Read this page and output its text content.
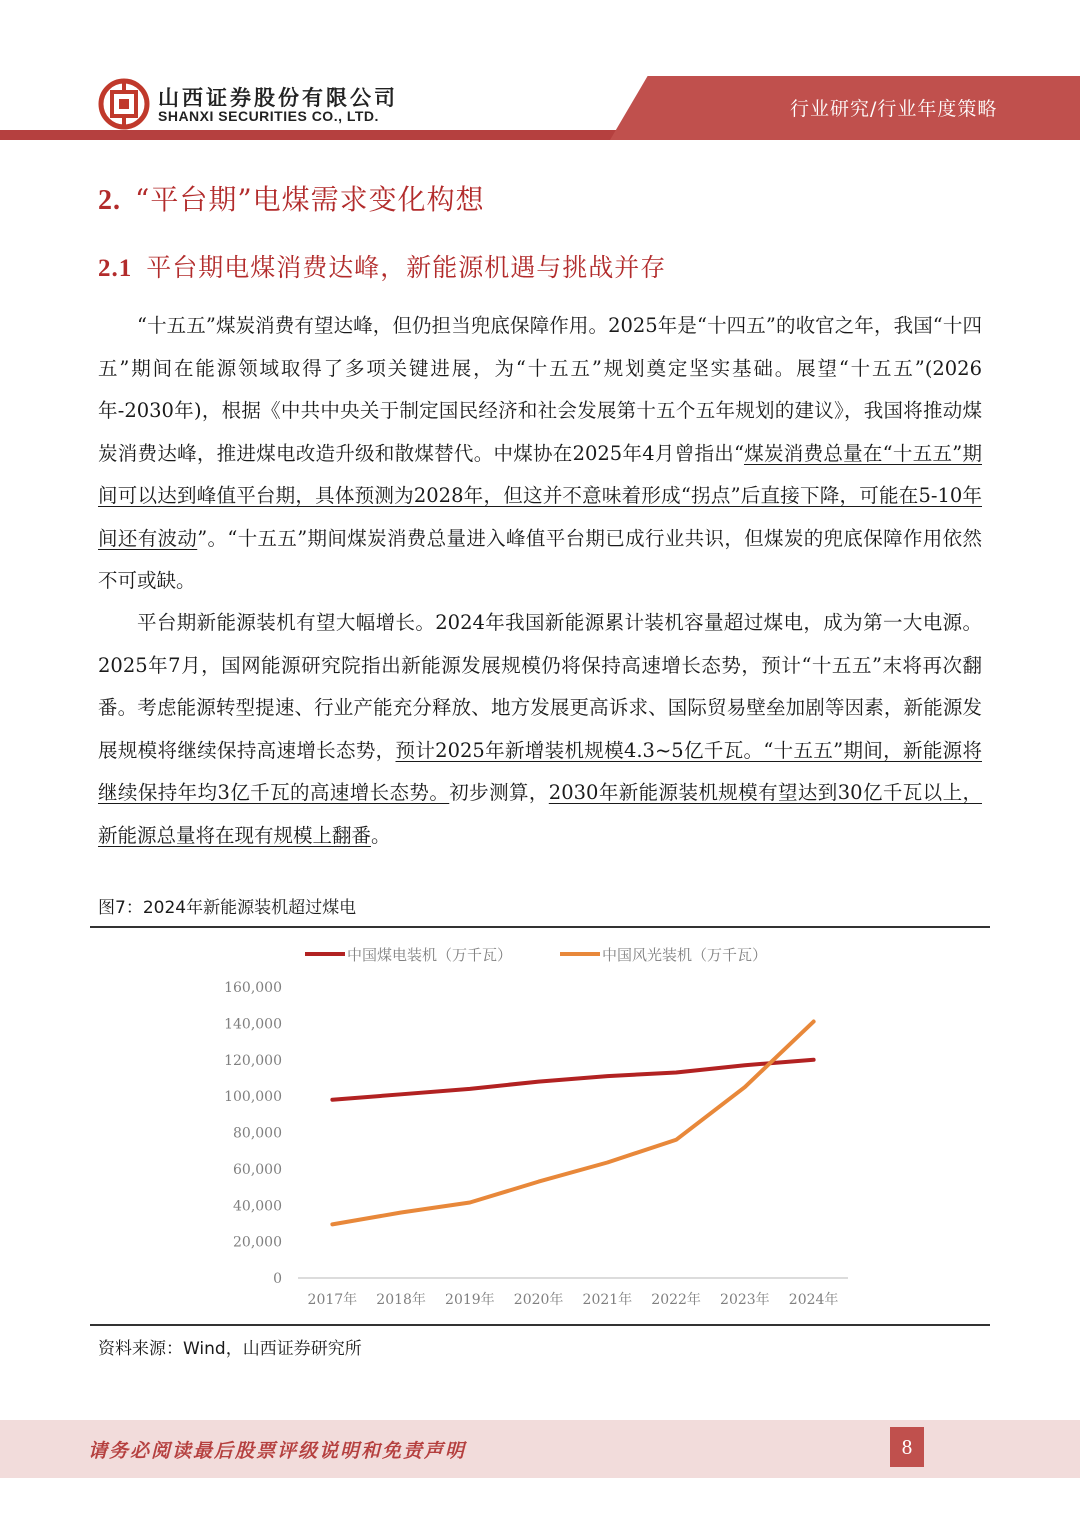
行业研究/行业年度策略
山西证券股份有限公司
SHANXI SECURITIES CO., LTD.
2. “平台期”电煤需求变化构想
2.1 平台期电煤消费达峰，新能源机遇与挑战并存
“十五五”煤炭消费有望达峰，但仍担当兜底保障作用。2025年是“十四五”的收官之年，我国“十四五”期间在能源领域取得了多项关键进展，为“十五五”规划奠定坚实基础。展望“十五五”(2026年-2030年)，根据《中共中央关于制定国民经济和社会发展第十五个五年规划的建议》，我国将推动煤炭消费达峰，推进煤电改造升级和散煤替代。中煤协在2025年4月曾指出“煤炭消费总量在“十五五”期间可以达到峰值平台期，具体预测为2028年，但这并不意味着形成“拐点”后直接下降，可能在5-10年间还有波动”。“十五五”期间煤炭消费总量进入峰值平台期已成行业共识，但煤炭的兜底保障作用依然不可或缺。
平台期新能源装机有望大幅增长。2024年我国新能源累计装机容量超过煤电，成为第一大电源。2025年7月，国网能源研究院指出新能源发展规模仍将保持高速增长态势，预计“十五五”末将再次翻番。考虑能源转型提速、行业产能充分释放、地方发展更高诉求、国际贸易壁垒加剧等因素，新能源发展规模将继续保持高速增长态势，预计2025年新增装机规模4.3~5亿千瓦。“十五五”期间，新能源将继续保持年均3亿千瓦的高速增长态势。初步测算，2030年新能源装机规模有望达到30亿千瓦以上，新能源总量将在现有规模上翻番。
图7：2024年新能源装机超过煤电
0
20,000
40,000
60,000
80,000
100,000
120,000
140,000
160,000
2017年 2018年 2019年 2020年 2021年 2022年 2023年 2024年
中国煤电装机（万千瓦）	中国风光装机（万千瓦）
资料来源：Wind，山西证券研究所
请务必阅读最后股票评级说明和免责声明	8
